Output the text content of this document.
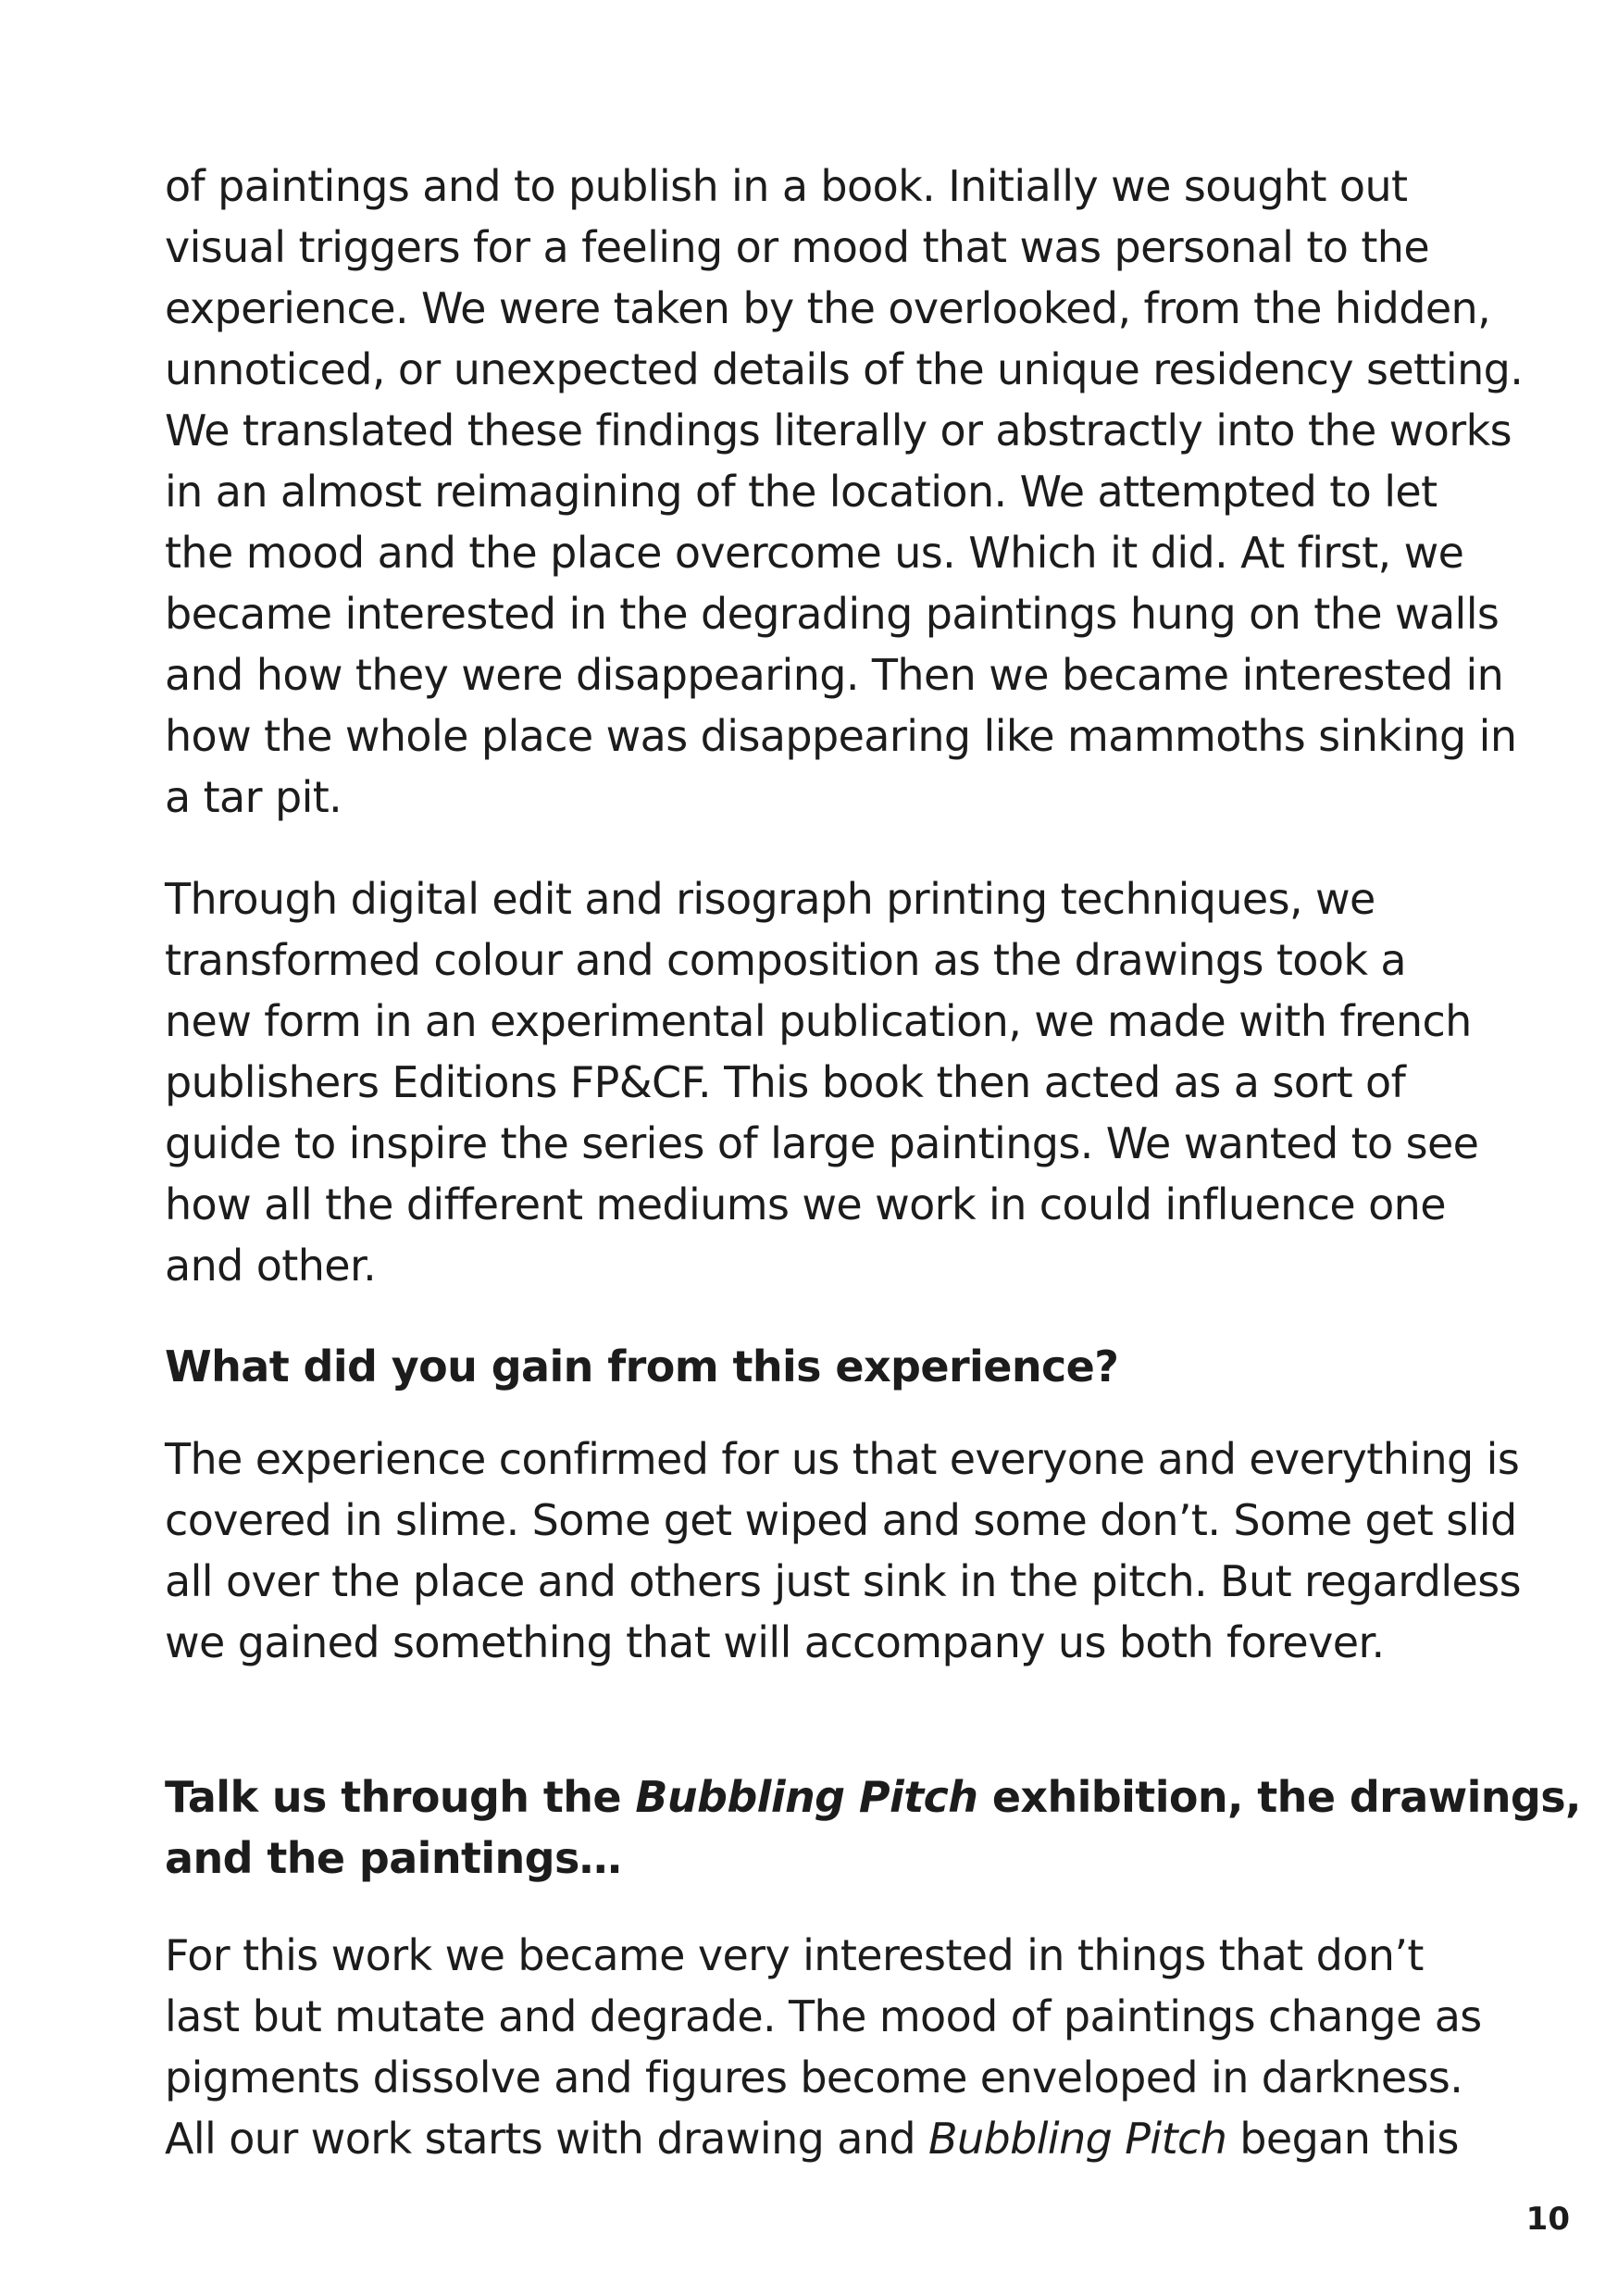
of paintings and to publish in a book. Initially we sought out
visual triggers for a feeling or mood that was personal to the
experience. We were taken by the overlooked, from the hidden,
unnoticed, or unexpected details of the unique residency setting.
We translated these findings literally or abstractly into the works
in an almost reimagining of the location. We attempted to let
the mood and the place overcome us. Which it did. At first, we
became interested in the degrading paintings hung on the walls
and how they were disappearing. Then we became interested in
how the whole place was disappearing like mammoths sinking in
a tar pit.

Through digital edit and risograph printing techniques, we
transformed colour and composition as the drawings took a
new form in an experimental publication, we made with french
publishers Editions FP&CF. This book then acted as a sort of
guide to inspire the series of large paintings. We wanted to see
how all the different mediums we work in could influence one
and other.

What did you gain from this experience?

The experience confirmed for us that everyone and everything is
covered in slime. Some get wiped and some don’t. Some get slid
all over the place and others just sink in the pitch. But regardless
we gained something that will accompany us both forever.

Talk us through the Bubbling Pitch exhibition, the drawings,
and the paintings…

For this work we became very interested in things that don’t
last but mutate and degrade. The mood of paintings change as
pigments dissolve and figures become enveloped in darkness.
All our work starts with drawing and Bubbling Pitch began this

10
